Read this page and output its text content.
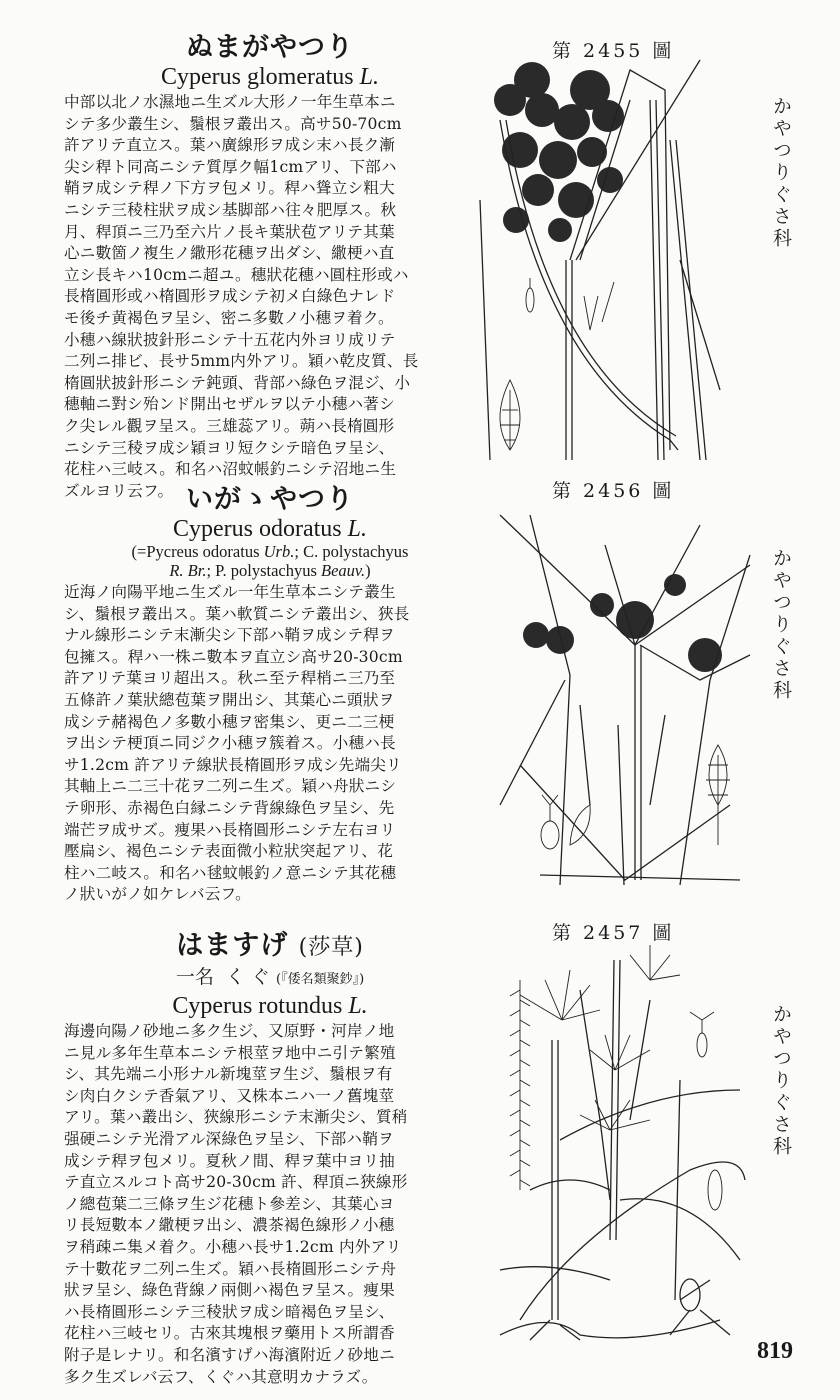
ぬまがやつり
Cyperus glomeratus L.
中部以北ノ水濕地ニ生ズル大形ノ一年生草本ニ
シテ多少叢生シ、鬚根ヲ叢出ス。高サ50-70cm
許アリテ直立ス。葉ハ廣線形ヲ成シ末ハ長ク漸
尖シ稈ト同高ニシテ質厚ク幅1cmアリ、下部ハ
鞘ヲ成シテ稈ノ下方ヲ包メリ。稈ハ聳立シ粗大
ニシテ三稜柱狀ヲ成シ基脚部ハ往々肥厚ス。秋
月、稈頂ニ三乃至六片ノ長キ葉狀苞アリテ其葉
心ニ數箇ノ複生ノ繖形花穗ヲ出ダシ、繖梗ハ直
立シ長キハ10cmニ超ユ。穗狀花穗ハ圓柱形或ハ
長楕圓形或ハ楕圓形ヲ成シテ初メ白綠色ナレド
モ後チ黄褐色ヲ呈シ、密ニ多數ノ小穗ヲ着ク。
小穗ハ線狀披針形ニシテ十五花内外ヨリ成リテ
二列ニ排ビ、長サ5mm内外アリ。穎ハ乾皮質、長
楕圓狀披針形ニシテ鈍頭、背部ハ綠色ヲ混ジ、小
穗軸ニ對シ殆ンド開出セザルヲ以テ小穗ハ著シ
ク尖レル觀ヲ呈ス。三雄蕊アリ。蒴ハ長楕圓形
ニシテ三稜ヲ成シ穎ヨリ短クシテ暗色ヲ呈シ、
花柱ハ三岐ス。和名ハ沼蚊帳釣ニシテ沼地ニ生
ズルヨリ云フ。 いがゝやつり
Cyperus odoratus L.
(=Pycreus odoratus Urb.; C. polystachyus
R. Br.; P. polystachyus Beauv.)
近海ノ向陽平地ニ生ズル一年生草本ニシテ叢生
シ、鬚根ヲ叢出ス。葉ハ軟質ニシテ叢出シ、狹長
ナル線形ニシテ末漸尖シ下部ハ鞘ヲ成シテ稈ヲ
包擁ス。稈ハ一株ニ數本ヲ直立シ高サ20-30cm
許アリテ葉ヨリ超出ス。秋ニ至テ稈梢ニ三乃至
五條許ノ葉狀總苞葉ヲ開出シ、其葉心ニ頭狀ヲ
成シテ赭褐色ノ多數小穗ヲ密集シ、更ニ二三梗
ヲ出シテ梗頂ニ同ジク小穗ヲ簇着ス。小穗ハ長
サ1.2cm 許アリテ線狀長楕圓形ヲ成シ先端尖リ
其軸上ニ二三十花ヲ二列ニ生ズ。穎ハ舟狀ニシ
テ卵形、赤褐色白縁ニシテ背線綠色ヲ呈シ、先
端芒ヲ成サズ。痩果ハ長楕圓形ニシテ左右ヨリ
壓扁シ、褐色ニシテ表面微小粒狀突起アリ、花
柱ハ二岐ス。和名ハ毬蚊帳釣ノ意ニシテ其花穗
ノ狀いがノ如ケレバ云フ。
はますげ (莎草)
一名 く ぐ (『倭名類聚鈔』)
Cyperus rotundus L.
海邊向陽ノ砂地ニ多ク生ジ、又原野・河岸ノ地
ニ見ル多年生草本ニシテ根莖ヲ地中ニ引テ繁殖
シ、其先端ニ小形ナル新塊莖ヲ生ジ、鬚根ヲ有
シ肉白クシテ香氣アリ、又株本ニハ一ノ舊塊莖
アリ。葉ハ叢出シ、狹線形ニシテ末漸尖シ、質稍
强硬ニシテ光滑アル深綠色ヲ呈シ、下部ハ鞘ヲ
成シテ稈ヲ包メリ。夏秋ノ間、稈ヲ葉中ヨリ抽
テ直立スルコト高サ20-30cm 許、稈頂ニ狹線形
ノ總苞葉二三條ヲ生ジ花穗ト參差シ、其葉心ヨ
リ長短數本ノ繖梗ヲ出シ、濃茶褐色線形ノ小穗
ヲ稍疎ニ集メ着ク。小穗ハ長サ1.2cm 内外アリ
テ十數花ヲ二列ニ生ズ。穎ハ長楕圓形ニシテ舟
狀ヲ呈シ、綠色背線ノ兩側ハ褐色ヲ呈ス。痩果
ハ長楕圓形ニシテ三稜狀ヲ成シ暗褐色ヲ呈シ、
花柱ハ三岐セリ。古來其塊根ヲ藥用トス所謂香
附子是レナリ。和名濱すげハ海濱附近ノ砂地ニ
多ク生ズレバ云フ、くぐハ其意明カナラズ。
第 2455 圖
第 2456 圖
第 2457 圖
かやつりぐさ科
かやつりぐさ科
かやつりぐさ科
819
